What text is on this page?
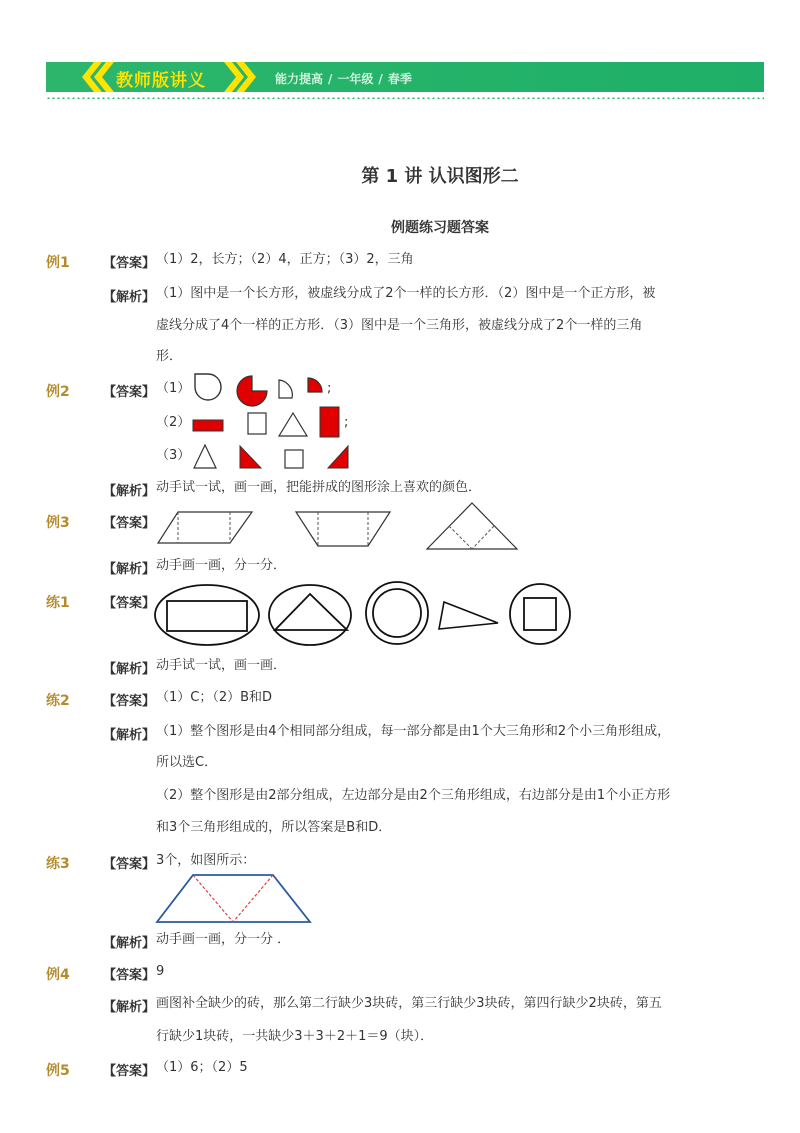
教师版讲义	能力提高 / 一年级 / 春季
第 1 讲 认识图形二
例题练习题答案
例1	【答案】 （1）2，长方；（2）4，正方；（3）2，三角
【解析】 （1）图中是一个长方形，被虚线分成了2个一样的长方形．（2）图中是一个正方形，被
虚线分成了4个一样的正方形．（3）图中是一个三角形，被虚线分成了2个一样的三角
形．
例2	【答案】 （1）
（2）
（3）
;
;
【解析】 动手试一试，画一画，把能拼成的图形涂上喜欢的颜色．
例3	【答案】
【解析】 动手画一画，分一分．
练1	【答案】
【解析】 动手试一试，画一画．
练2	【答案】 （1）C；（2）B和D
【解析】 （1）整个图形是由4个相同部分组成，每一部分都是由1个大三角形和2个小三角形组成，
所以选C．
（2）整个图形是由2部分组成，左边部分是由2个三角形组成，右边部分是由1个小正方形
和3个三角形组成的，所以答案是B和D．
练3	【答案】 3个，如图所示：
【解析】 动手画一画，分一分 ．
例4	【答案】 9
【解析】 画图补全缺少的砖，那么第二行缺少3块砖，第三行缺少3块砖，第四行缺少2块砖，第五
行缺少1块砖，一共缺少3＋3＋2＋1＝9（块）．
例5	【答案】 （1）6；（2）5
